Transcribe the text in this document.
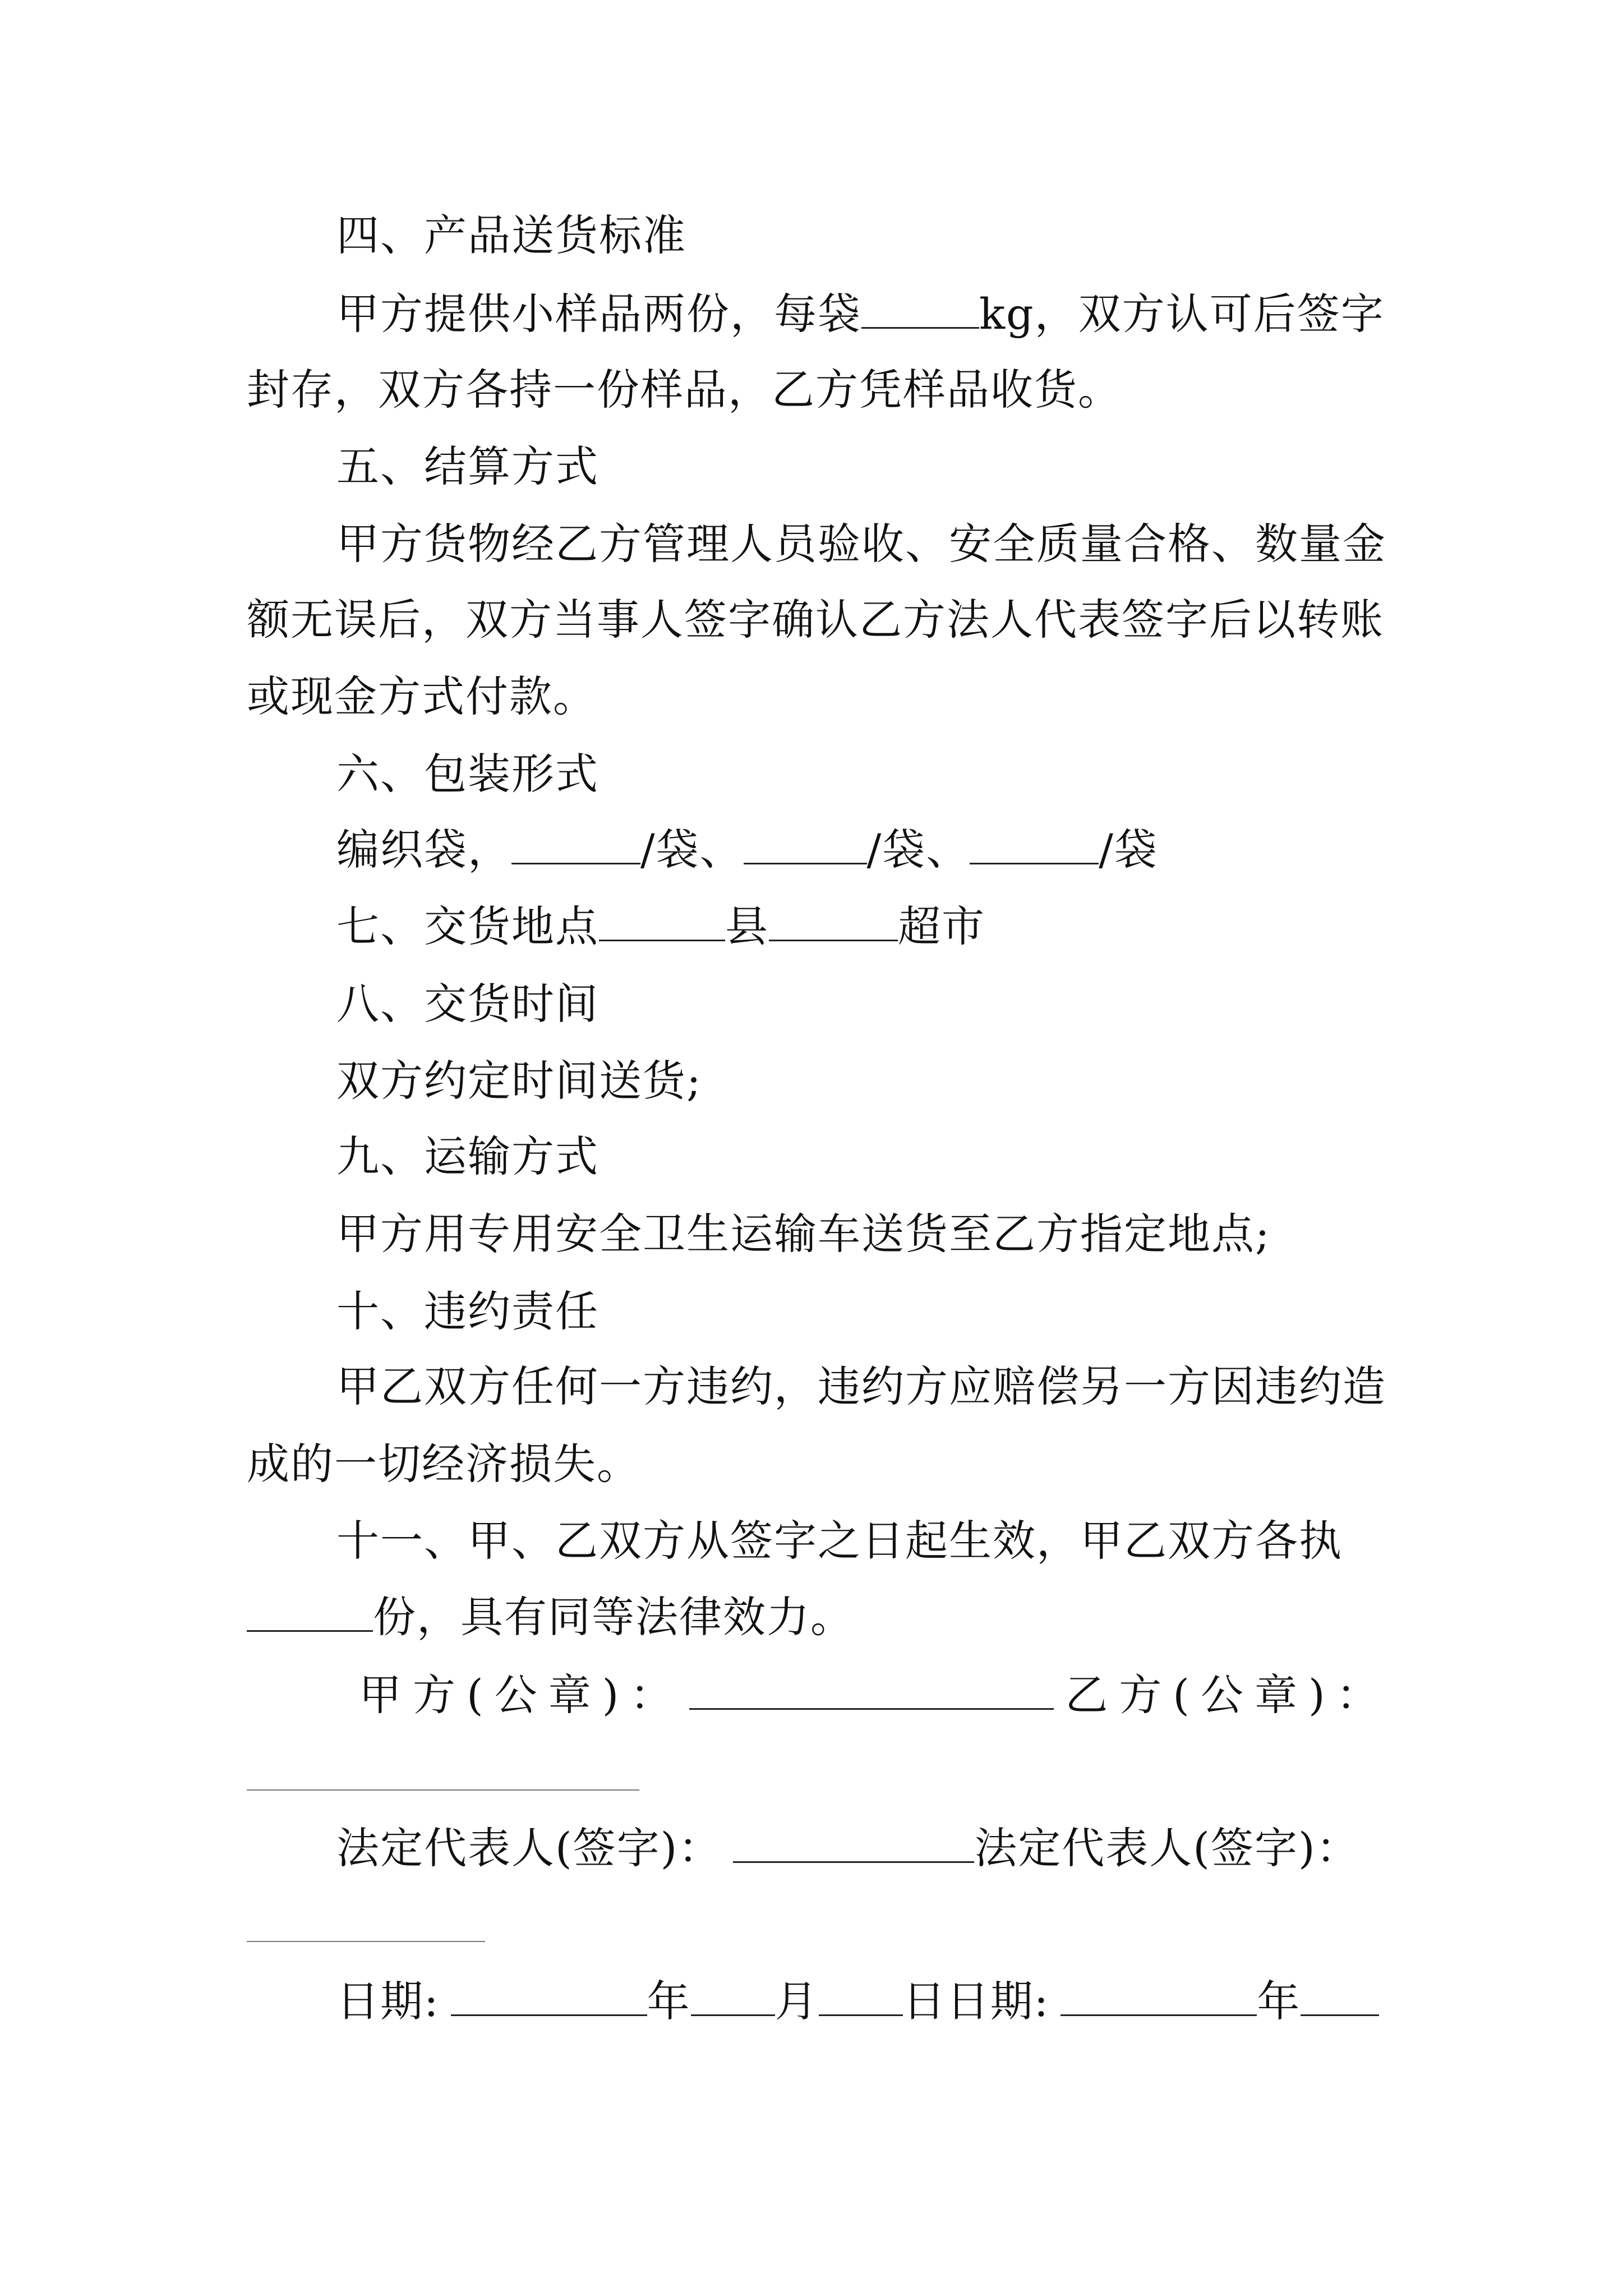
四、产品送货标准
甲方提供小样品两份，每袋	kg，双方认可后签字
封存，双方各持一份样品，乙方凭样品收货。
五、结算方式
甲方货物经乙方管理人员验收、安全质量合格、数量金
额无误后，双方当事人签字确认乙方法人代表签字后以转账
或现金方式付款。
六、包装形式
编织袋，	/袋、	/袋、	/袋
七、交货地点	县	超市
八、交货时间
双方约定时间送货;
九、运输方式
甲方用专用安全卫生运输车送货至乙方指定地点;
十、违约责任
甲乙双方任何一方违约，违约方应赔偿另一方因违约造
成的一切经济损失。
十一、甲、乙双方从签字之日起生效，甲乙双方各执
份，具有同等法律效力。
甲方(公章)：	乙方(公章)：
法定代表人(签字)：	法定代表人(签字)：
日期:	年 月 日日期:	年
